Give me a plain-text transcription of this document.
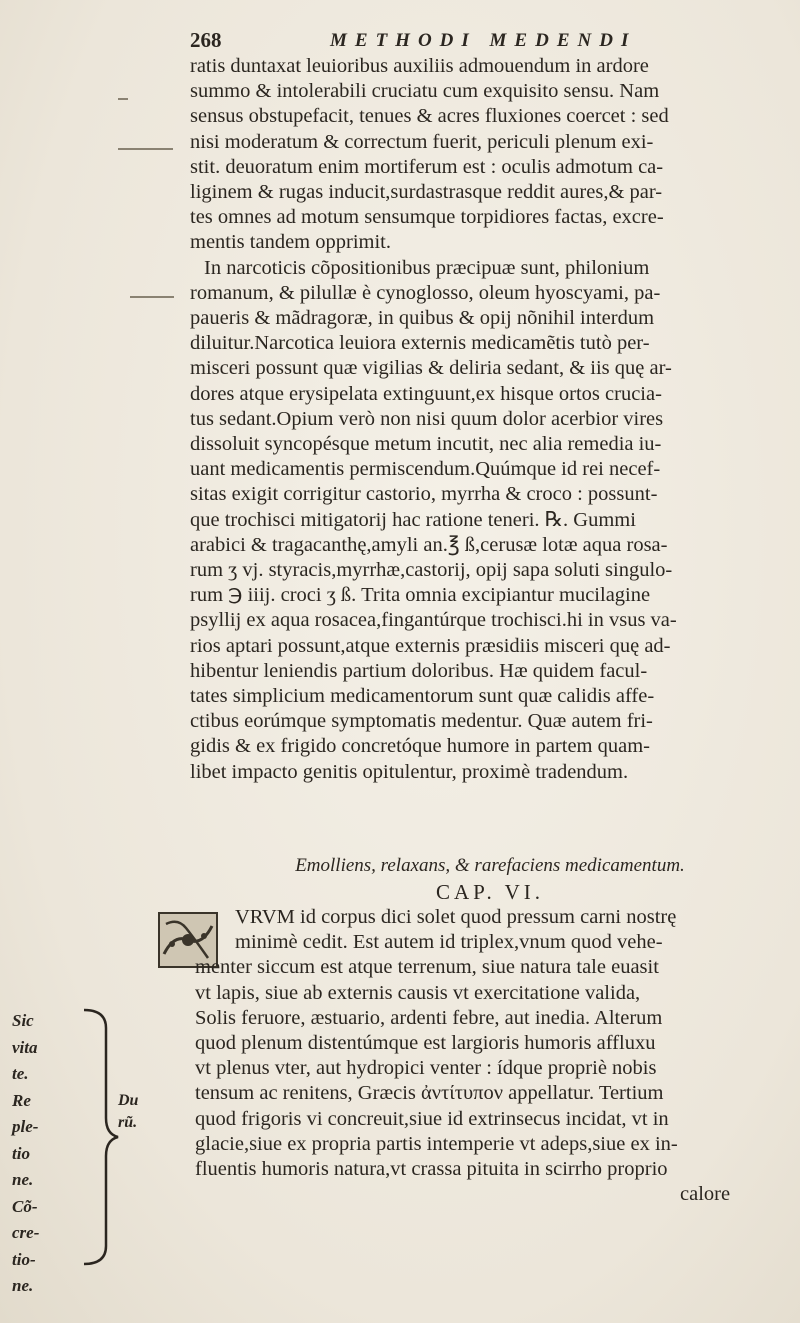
268	METHODI MEDENDI
ratis duntaxat leuioribus auxiliis admouendum in ardore
summo & intolerabili cruciatu cum exquisito sensu. Nam
sensus obstupefacit, tenues & acres fluxiones coercet : sed
nisi moderatum & correctum fuerit, periculi plenum exi-
stit. deuoratum enim mortiferum est : oculis admotum ca-
liginem & rugas inducit,surdastrasque reddit aures,& par-
tes omnes ad motum sensumque torpidiores factas, excre-
mentis tandem opprimit.
In narcoticis cõpositionibus præcipuæ sunt, philonium
romanum, & pilullæ è cynoglosso, oleum hyoscyami, pa-
paueris & mãdragoræ, in quibus & opij nõnihil interdum
diluitur.Narcotica leuiora externis medicamẽtis tutò per-
misceri possunt quæ vigilias & deliria sedant, & iis quę ar-
dores atque erysipelata extinguunt,ex hisque ortos crucia-
tus sedant.Opium verò non nisi quum dolor acerbior vires
dissoluit syncopésque metum incutit, nec alia remedia iu-
uant medicamentis permiscendum.Quúmque id rei necef-
sitas exigit corrigitur castorio, myrrha & croco : possunt-
que trochisci mitigatorij hac ratione teneri. ℞. Gummi
arabici & tragacanthę,amyli an.℥ ß,cerusæ lotæ aqua rosa-
rum ʒ vj. styracis,myrrhæ,castorij, opij sapa soluti singulo-
rum ℈ iiij. croci ʒ ß. Trita omnia excipiantur mucilagine
psyllij ex aqua rosacea,fingantúrque trochisci.hi in vsus va-
rios aptari possunt,atque externis præsidiis misceri quę ad-
hibentur leniendis partium doloribus. Hæ quidem facul-
tates simplicium medicamentorum sunt quæ calidis affe-
ctibus eorúmque symptomatis medentur. Quæ autem fri-
gidis & ex frigido concretóque humore in partem quam-
libet impacto genitis opitulentur, proximè tradendum.
Emolliens, relaxans, & rarefaciens medicamentum.
CAP. VI.
VRVM id corpus dici solet quod pressum carni nostrę
minimè cedit. Est autem id triplex,vnum quod vehe-
menter siccum est atque terrenum, siue natura tale euasit
vt lapis, siue ab externis causis vt exercitatione valida,
Solis feruore, æstuario, ardenti febre, aut inedia. Alterum
quod plenum distentúmque est largioris humoris affluxu
vt plenus vter, aut hydropici venter : ídque propriè nobis
tensum ac renitens, Græcis ἀντίτυπον appellatur. Tertium
quod frigoris vi concreuit,siue id extrinsecus incidat, vt in
glacie,siue ex propria partis intemperie vt adeps,siue ex in-
fluentis humoris natura,vt crassa pituita in scirrho proprio
calore
Sic
vita
te.
Re
ple-
tio
ne.
Cõ-
cre-
tio-
ne.
Du
rũ.
